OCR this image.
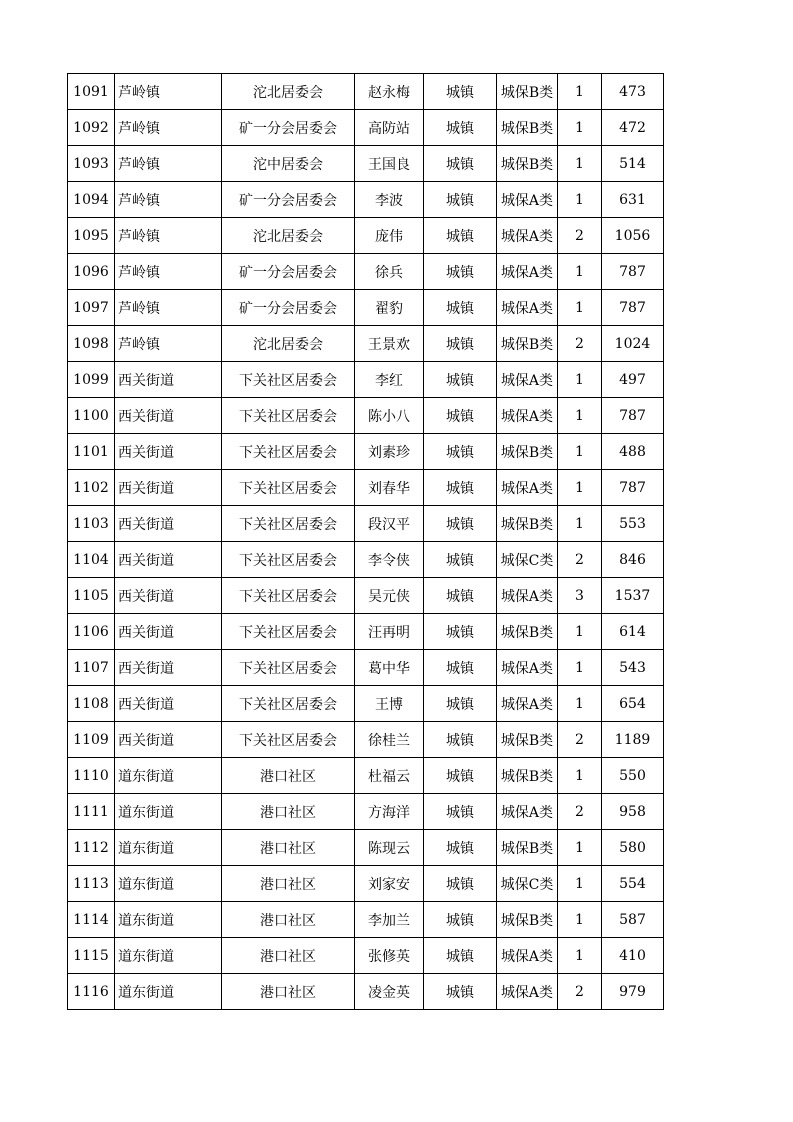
1091	芦岭镇	沱北居委会	赵永梅	城镇	城保B类	1	473
1092	芦岭镇	矿一分会居委会	高防站	城镇	城保B类	1	472
1093	芦岭镇	沱中居委会	王国良	城镇	城保B类	1	514
1094	芦岭镇	矿一分会居委会	李波	城镇	城保A类	1	631
1095	芦岭镇	沱北居委会	庞伟	城镇	城保A类	2	1056
1096	芦岭镇	矿一分会居委会	徐兵	城镇	城保A类	1	787
1097	芦岭镇	矿一分会居委会	翟豹	城镇	城保A类	1	787
1098	芦岭镇	沱北居委会	王景欢	城镇	城保B类	2	1024
1099	西关街道	下关社区居委会	李红	城镇	城保A类	1	497
1100	西关街道	下关社区居委会	陈小八	城镇	城保A类	1	787
1101	西关街道	下关社区居委会	刘素珍	城镇	城保B类	1	488
1102	西关街道	下关社区居委会	刘春华	城镇	城保A类	1	787
1103	西关街道	下关社区居委会	段汉平	城镇	城保B类	1	553
1104	西关街道	下关社区居委会	李令侠	城镇	城保C类	2	846
1105	西关街道	下关社区居委会	吴元侠	城镇	城保A类	3	1537
1106	西关街道	下关社区居委会	汪再明	城镇	城保B类	1	614
1107	西关街道	下关社区居委会	葛中华	城镇	城保A类	1	543
1108	西关街道	下关社区居委会	王博	城镇	城保A类	1	654
1109	西关街道	下关社区居委会	徐桂兰	城镇	城保B类	2	1189
1110	道东街道	港口社区	杜福云	城镇	城保B类	1	550
1111	道东街道	港口社区	方海洋	城镇	城保A类	2	958
1112	道东街道	港口社区	陈现云	城镇	城保B类	1	580
1113	道东街道	港口社区	刘家安	城镇	城保C类	1	554
1114	道东街道	港口社区	李加兰	城镇	城保B类	1	587
1115	道东街道	港口社区	张修英	城镇	城保A类	1	410
1116	道东街道	港口社区	凌金英	城镇	城保A类	2	979
